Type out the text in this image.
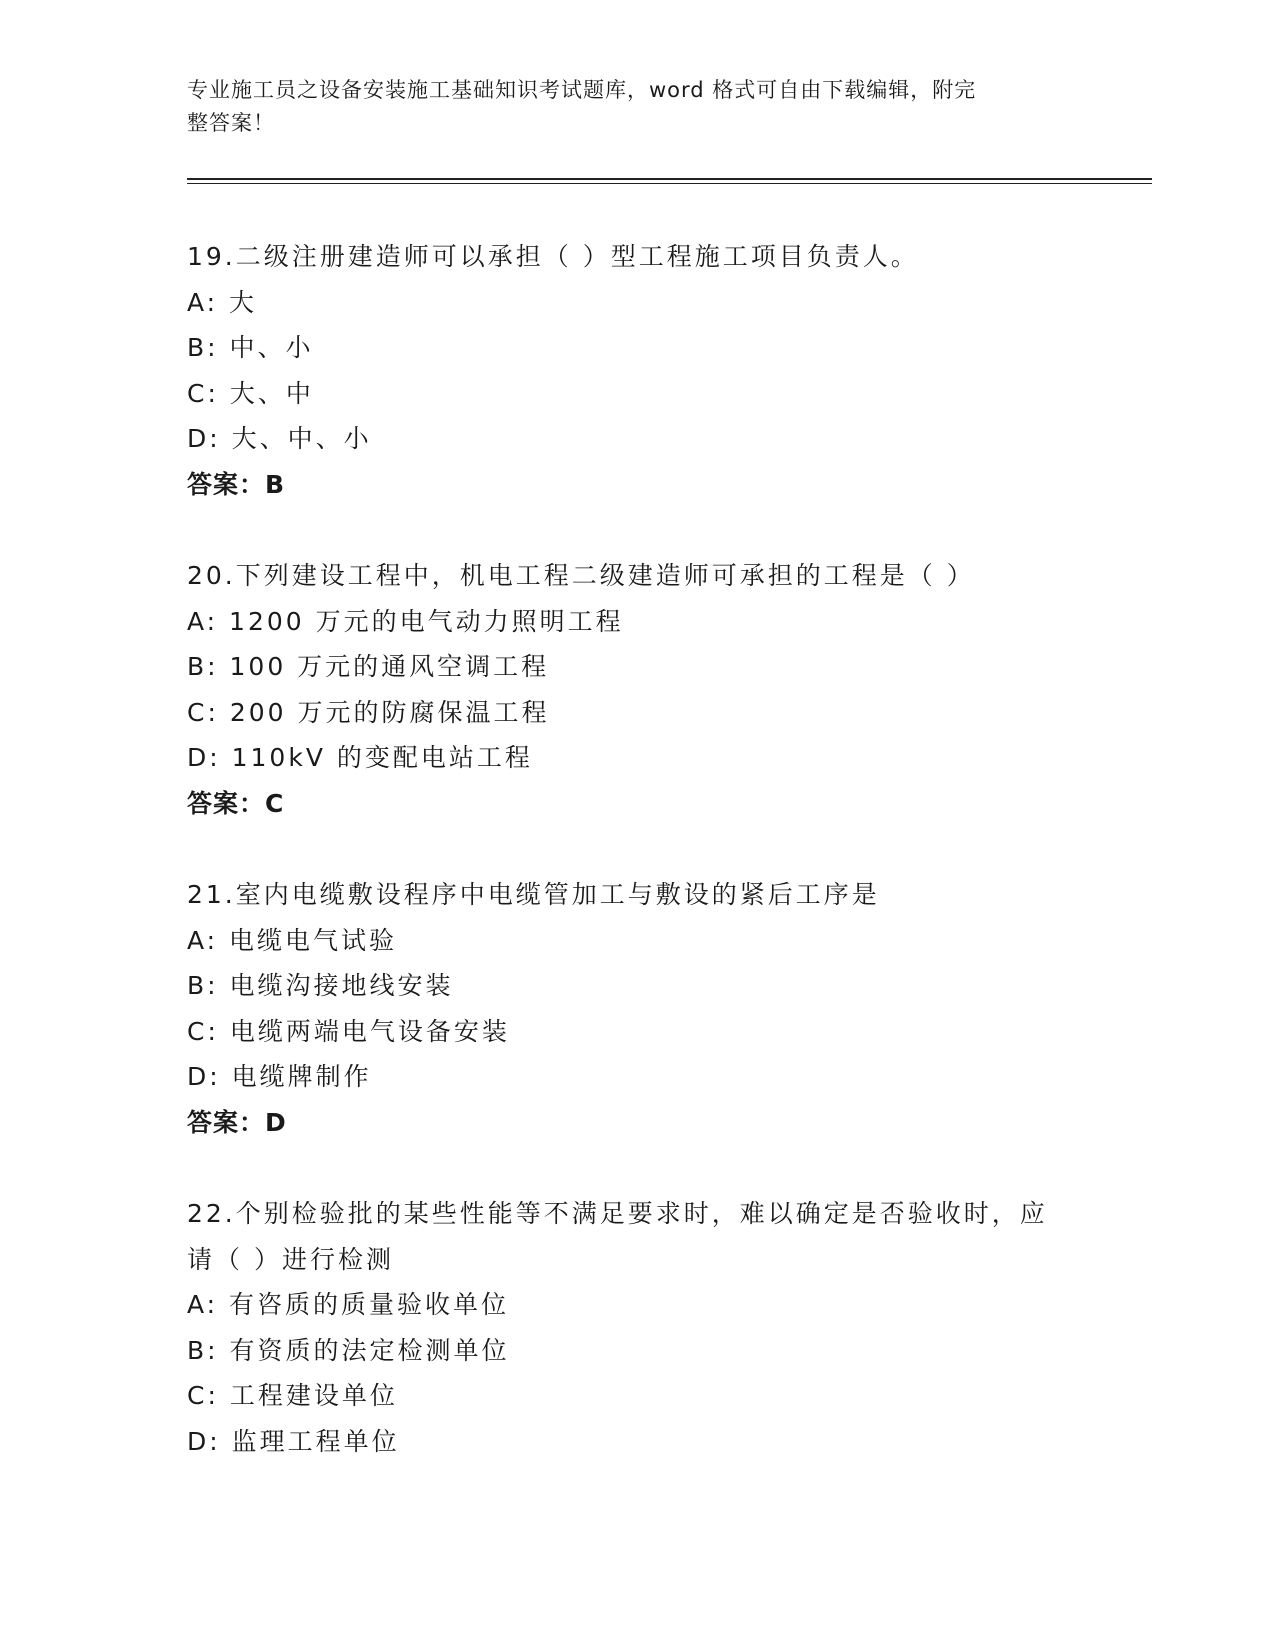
专业施工员之设备安装施工基础知识考试题库，word 格式可自由下载编辑，附完
整答案！
19.二级注册建造师可以承担（ ）型工程施工项目负责人。
A: 大
B: 中、小
C: 大、中
D: 大、中、小
答案：B
20.下列建设工程中，机电工程二级建造师可承担的工程是（ ）
A: 1200 万元的电气动力照明工程
B: 100 万元的通风空调工程
C: 200 万元的防腐保温工程
D: 110kV 的变配电站工程
答案：C
21.室内电缆敷设程序中电缆管加工与敷设的紧后工序是
A: 电缆电气试验
B: 电缆沟接地线安装
C: 电缆两端电气设备安装
D: 电缆牌制作
答案：D
22.个别检验批的某些性能等不满足要求时，难以确定是否验收时，应
请（ ）进行检测
A: 有咨质的质量验收单位
B: 有资质的法定检测单位
C: 工程建设单位
D: 监理工程单位
